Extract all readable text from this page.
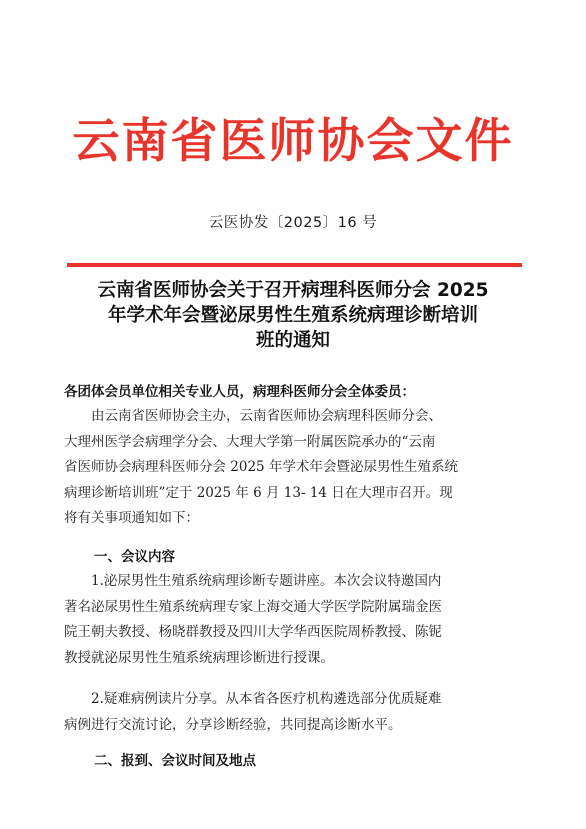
云南省医师协会文件
云医协发〔2025〕16 号
云南省医师协会关于召开病理科医师分会 2025
年学术年会暨泌尿男性生殖系统病理诊断培训
班的通知
各团体会员单位相关专业人员，病理科医师分会全体委员：
由云南省医师协会主办，云南省医师协会病理科医师分会、
大理州医学会病理学分会、大理大学第一附属医院承办的“云南
省医师协会病理科医师分会 2025 年学术年会暨泌尿男性生殖系统
病理诊断培训班”定于 2025 年 6 月 13- 14 日在大理市召开。现
将有关事项通知如下：
一、会议内容
1.泌尿男性生殖系统病理诊断专题讲座。本次会议特邀国内
著名泌尿男性生殖系统病理专家上海交通大学医学院附属瑞金医
院王朝夫教授、杨晓群教授及四川大学华西医院周桥教授、陈铌
教授就泌尿男性生殖系统病理诊断进行授课。
2.疑难病例读片分享。从本省各医疗机构遴选部分优质疑难
病例进行交流讨论，分享诊断经验，共同提高诊断水平。
二、报到、会议时间及地点
